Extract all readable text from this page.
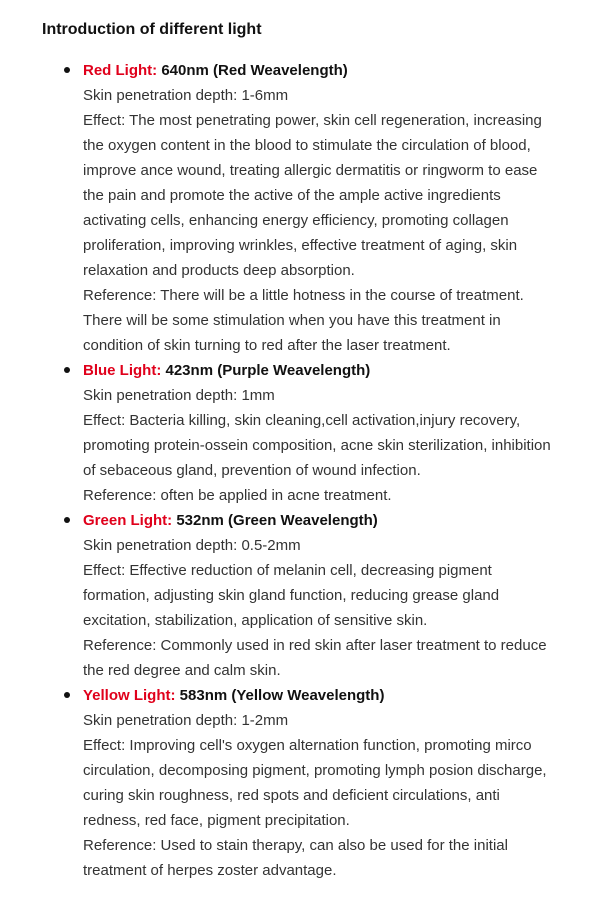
Introduction of different light
Red Light: 640nm (Red Weavelength)
Skin penetration depth: 1-6mm
Effect: The most penetrating power, skin cell regeneration, increasing
the oxygen content in the blood to stimulate the circulation of blood,
improve ance wound, treating allergic dermatitis or ringworm to ease
the pain and promote the active of the ample active ingredients
activating cells, enhancing energy efficiency, promoting collagen
proliferation, improving wrinkles, effective treatment of aging, skin
relaxation and products deep absorption.
Reference: There will be a little hotness in the course of treatment.
There will be some stimulation when you have this treatment in
condition of skin turning to red after the laser treatment.
Blue Light: 423nm (Purple Weavelength)
Skin penetration depth: 1mm
Effect: Bacteria killing, skin cleaning,cell activation,injury recovery,
promoting protein-ossein composition, acne skin sterilization, inhibition
of sebaceous gland, prevention of wound infection.
Reference: often be applied in acne treatment.
Green Light: 532nm (Green Weavelength)
Skin penetration depth: 0.5-2mm
Effect: Effective reduction of melanin cell, decreasing pigment
formation, adjusting skin gland function, reducing grease gland
excitation, stabilization, application of sensitive skin.
Reference: Commonly used in red skin after laser treatment to reduce
the red degree and calm skin.
Yellow Light: 583nm (Yellow Weavelength)
Skin penetration depth: 1-2mm
Effect: Improving cell's oxygen alternation function, promoting mirco
circulation, decomposing pigment, promoting lymph posion discharge,
curing skin roughness, red spots and deficient circulations, anti
redness, red face, pigment precipitation.
Reference: Used to stain therapy, can also be used for the initial
treatment of herpes zoster advantage.
